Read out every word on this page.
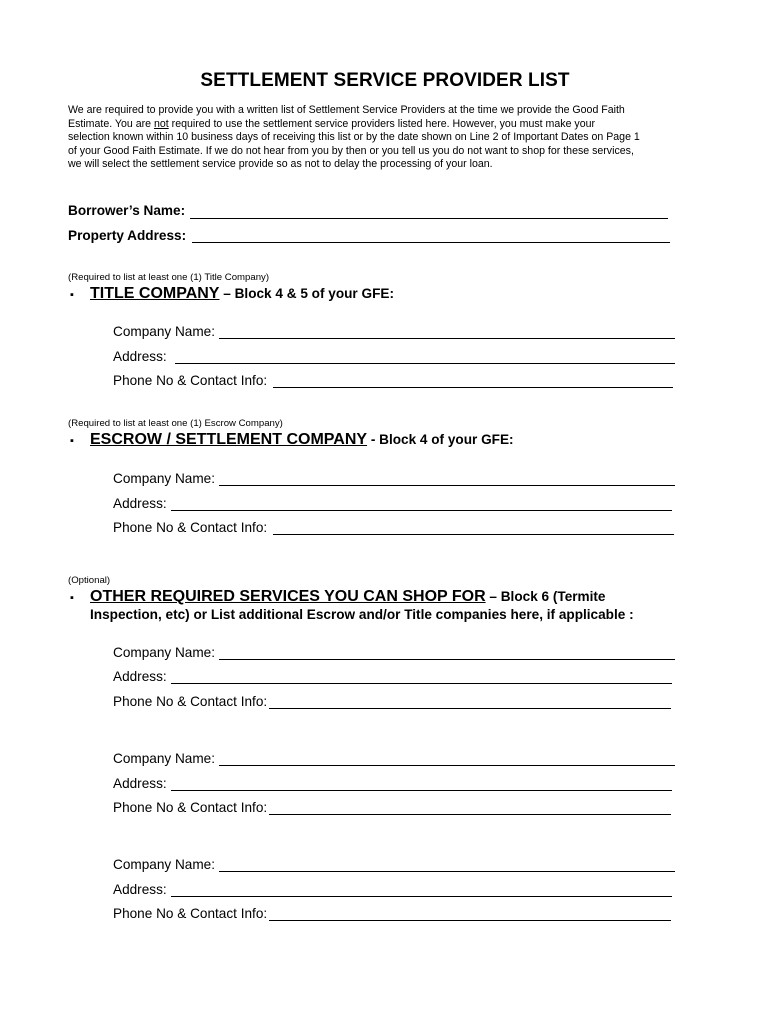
SETTLEMENT SERVICE PROVIDER LIST
We are required to provide you with a written list of Settlement Service Providers at the time we provide the Good Faith
Estimate. You are not required to use the settlement service providers listed here. However, you must make your
selection known within 10 business days of receiving this list or by the date shown on Line 2 of Important Dates on Page 1
of your Good Faith Estimate. If we do not hear from you by then or you tell us you do not want to shop for these services,
we will select the settlement service provide so as not to delay the processing of your loan.
Borrower’s Name:
Property Address:
(Required to list at least one (1) Title Company)
▪ TITLE COMPANY – Block 4 & 5 of your GFE:
Company Name:
Address:
Phone No & Contact Info:
(Required to list at least one (1) Escrow Company)
▪ ESCROW / SETTLEMENT COMPANY - Block 4 of your GFE:
Company Name:
Address:
Phone No & Contact Info:
(Optional)
▪ OTHER REQUIRED SERVICES YOU CAN SHOP FOR – Block 6 (Termite
Inspection, etc) or List additional Escrow and/or Title companies here, if applicable :
Company Name:
Address:
Phone No & Contact Info:
Company Name:
Address:
Phone No & Contact Info:
Company Name:
Address:
Phone No & Contact Info:
